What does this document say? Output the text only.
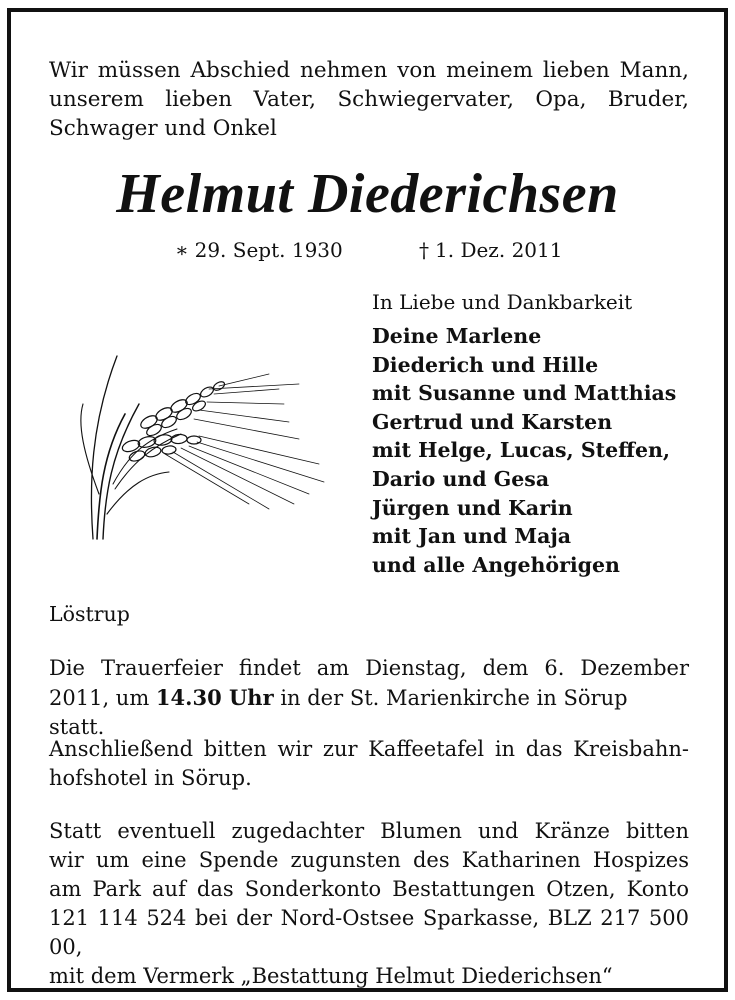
Wir müssen Abschied nehmen von meinem lieben Mann,
unserem lieben Vater, Schwiegervater, Opa, Bruder,
Schwager und Onkel
Helmut Diederichsen
∗ 29. Sept. 1930	† 1. Dez. 2011
In Liebe und Dankbarkeit
Deine Marlene
Diederich und Hille
mit Susanne und Matthias
Gertrud und Karsten
mit Helge, Lucas, Steffen,
Dario und Gesa
Jürgen und Karin
mit Jan und Maja
und alle Angehörigen
Löstrup
Die Trauerfeier findet am Dienstag, dem 6. Dezember
2011, um 14.30 Uhr in der St. Marienkirche in Sörup statt.
Anschließend bitten wir zur Kaffeetafel in das Kreisbahn-
hofshotel in Sörup.
Statt eventuell zugedachter Blumen und Kränze bitten
wir um eine Spende zugunsten des Katharinen Hospizes
am Park auf das Sonderkonto Bestattungen Otzen, Konto
121 114 524 bei der Nord-Ostsee Sparkasse, BLZ 217 500 00,
mit dem Vermerk „Bestattung Helmut Diederichsen“
